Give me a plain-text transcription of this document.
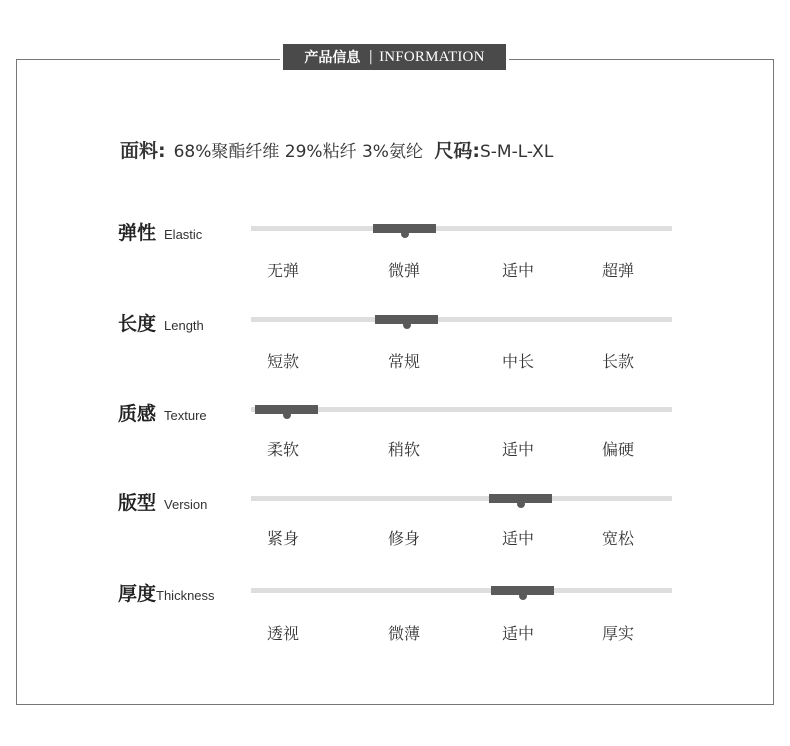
产品信息 | INFORMATION
面料: 68%聚酯纤维 29%粘纤 3%氨纶 尺码:S-M-L-XL
弹性 Elastic
无弹	微弹	适中	超弹
长度 Length
短款	常规	中长	长款
质感 Texture
柔软	稍软	适中	偏硬
版型 Version
紧身	修身	适中	宽松
厚度Thickness
透视	微薄	适中	厚实
